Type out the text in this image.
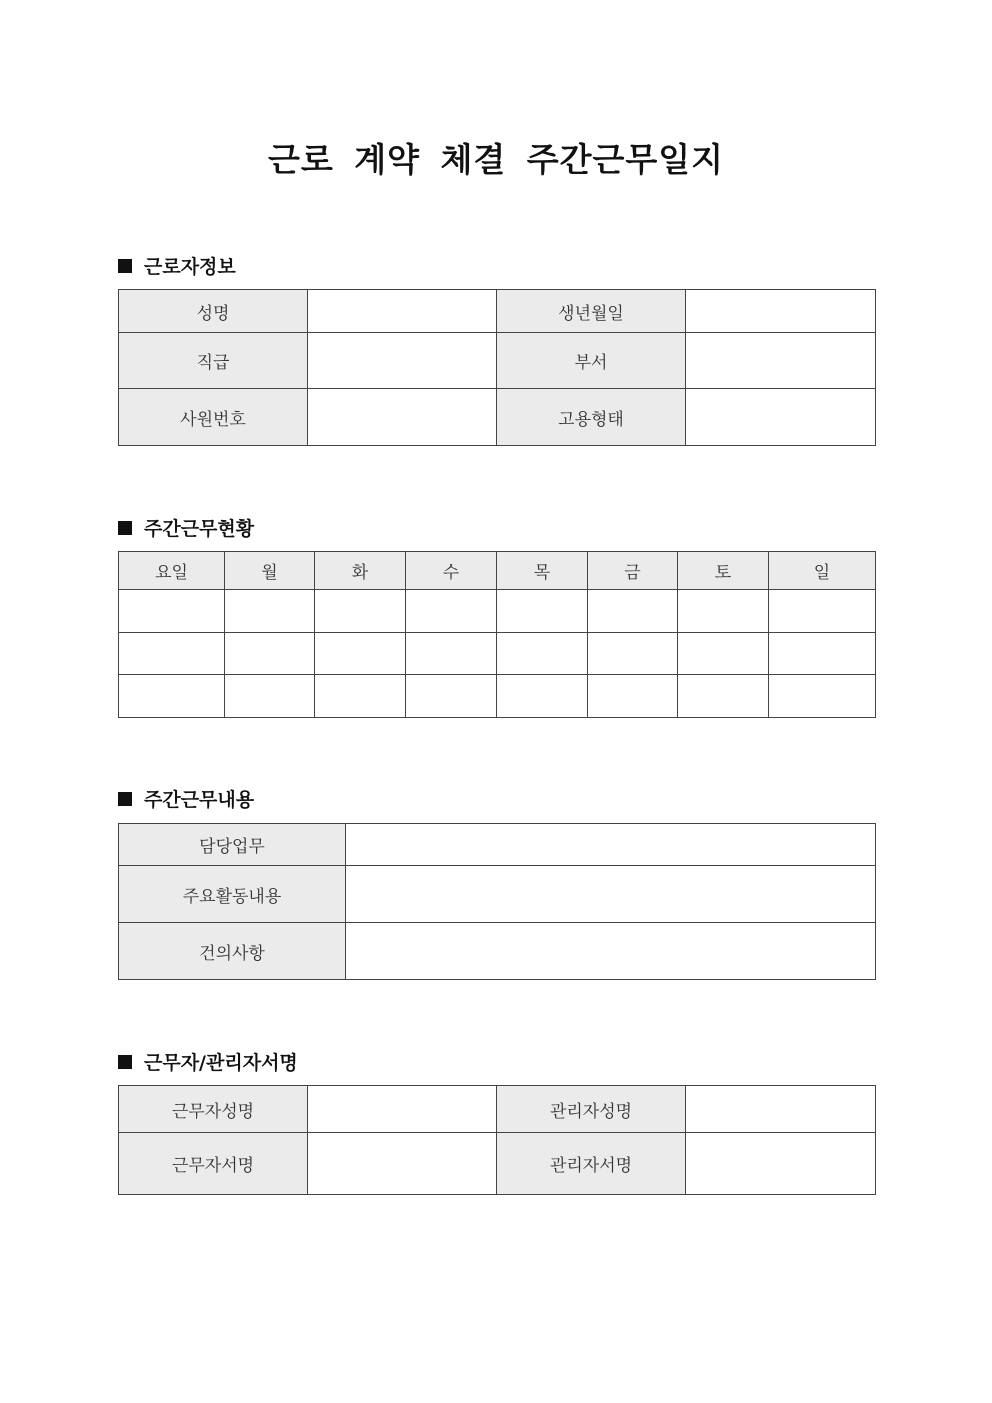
근로 계약 체결 주간근무일지
근로자정보
성명		생년월일	
직급		부서	
사원번호		고용형태	
주간근무현황
요일	월	화	수	목	금	토	일

주간근무내용
담당업무	
주요활동내용	
건의사항	
근무자/관리자서명
근무자성명		관리자성명	
근무자서명		관리자서명	
